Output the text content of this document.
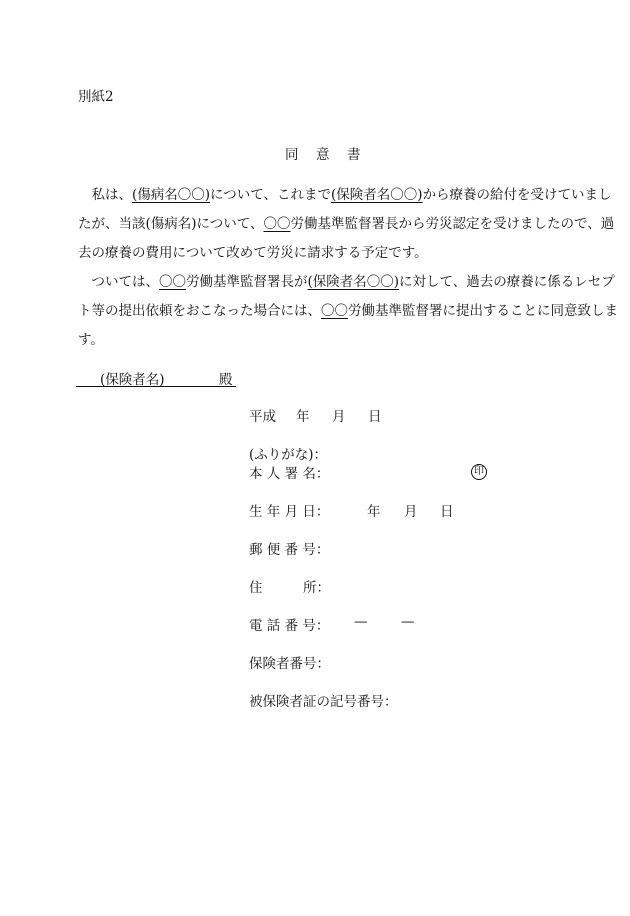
別紙2
同　意　書
　私は、(傷病名〇〇)について、これまで(保険者名〇〇)から療養の給付を受けていまし
たが、当該(傷病名)について、〇〇労働基準監督署長から労災認定を受けましたので、過
去の療養の費用について改めて労災に請求する予定です。
　ついては、〇〇労働基準監督署長が(保険者名〇〇)に対して、過去の療養に係るレセプ
ト等の提出依頼をおこなった場合には、〇〇労働基準監督署に提出することに同意致しま
す。
(保険者名)	殿
平成 年 月 日
(ふりがな)：
本 人 署 名：	印
生 年 月 日：	年 月 日
郵 便 番 号：
住　　　所：
電 話 番 号： — —
保険者番号：
被保険者証の記号番号：
